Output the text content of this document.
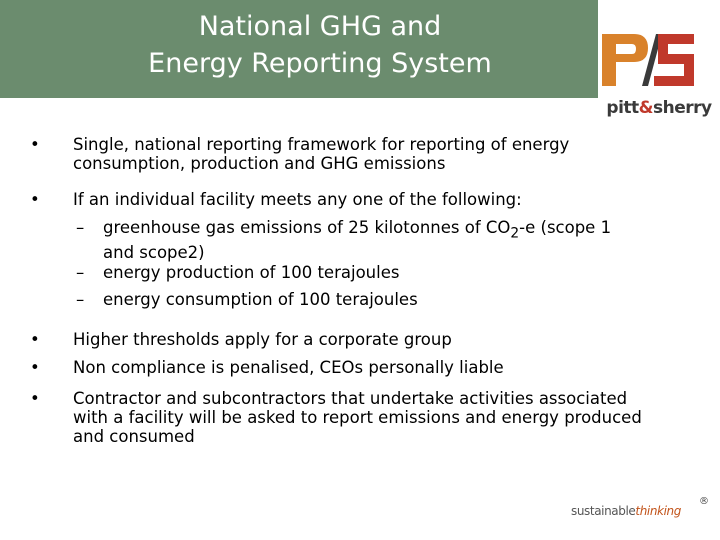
National GHG and
Energy Reporting System
pitt&sherry
• Single, national reporting framework for reporting of energy consumption, production and GHG emissions
• If an individual facility meets any one of the following:
– greenhouse gas emissions of 25 kilotonnes of $CO_2-e$ (scope 1 and scope2)
– energy production of 100 terajoules
– energy consumption of 100 terajoules
• Higher thresholds apply for a corporate group
• Non compliance is penalised, CEOs personally liable
• Contractor and subcontractors that undertake activities associated with a facility will be asked to report emissions and energy produced and consumed
sustainablethinking
®
